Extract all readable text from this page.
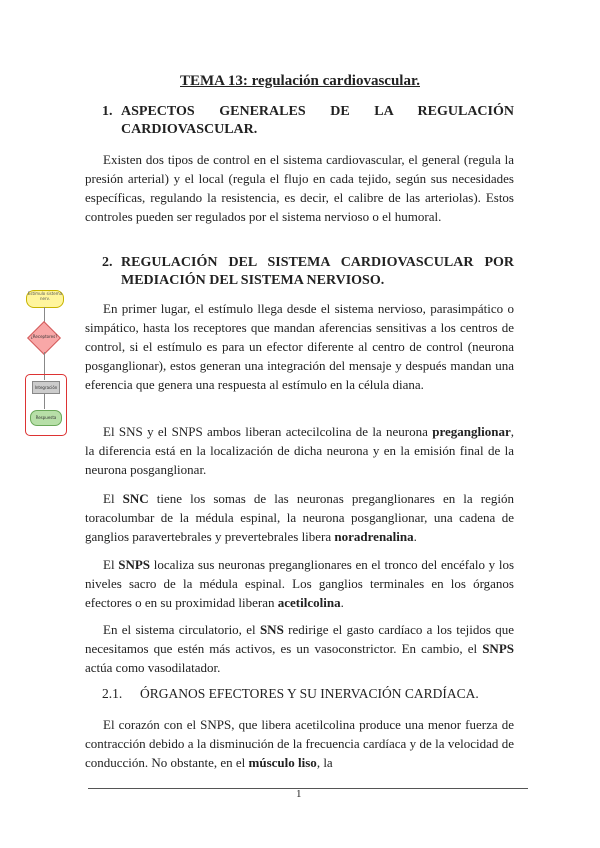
TEMA 13: regulación cardiovascular.
1. ASPECTOS GENERALES DE LA REGULACIÓN
CARDIOVASCULAR.

Existen dos tipos de control en el sistema cardiovascular, el general (regula la presión arterial) y el local (regula el flujo en cada tejido, según sus necesidades específicas, regulando la resistencia, es decir, el calibre de las arteriolas). Estos controles pueden ser regulados por el sistema nervioso o el humoral.

2. REGULACIÓN DEL SISTEMA CARDIOVASCULAR POR
MEDIACIÓN DEL SISTEMA NERVIOSO.

En primer lugar, el estímulo llega desde el sistema nervioso, parasimpático o simpático, hasta los receptores que mandan aferencias sensitivas a los centros de control, si el estímulo es para un efector diferente al centro de control (neurona posganglionar), estos generan una integración del mensaje y después mandan una eferencia que genera una respuesta al estímulo en la célula diana.

El SNS y el SNPS ambos liberan actecilcolina de la neurona preganglionar, la diferencia está en la localización de dicha neurona y en la emisión final de la neurona posganglionar.

El SNC tiene los somas de las neuronas preganglionares en la región toracolumbar de la médula espinal, la neurona posganglionar, una cadena de ganglios paravertebrales y prevertebrales libera noradrenalina.

El SNPS localiza sus neuronas preganglionares en el tronco del encéfalo y los niveles sacro de la médula espinal. Los ganglios terminales en los órganos efectores o en su proximidad liberan acetilcolina.

En el sistema circulatorio, el SNS redirige el gasto cardíaco a los tejidos que necesitamos que estén más activos, es un vasoconstrictor. En cambio, el SNPS actúa como vasodilatador.

2.1. ÓRGANOS EFECTORES Y SU INERVACIÓN CARDÍACA.

El corazón con el SNPS, que libera acetilcolina produce una menor fuerza de contracción debido a la disminución de la frecuencia cardíaca y de la velocidad de conducción. No obstante, en el músculo liso, la

Estímulo sistema nerv.
¿Receptores?
Integración
Respuesta
1
